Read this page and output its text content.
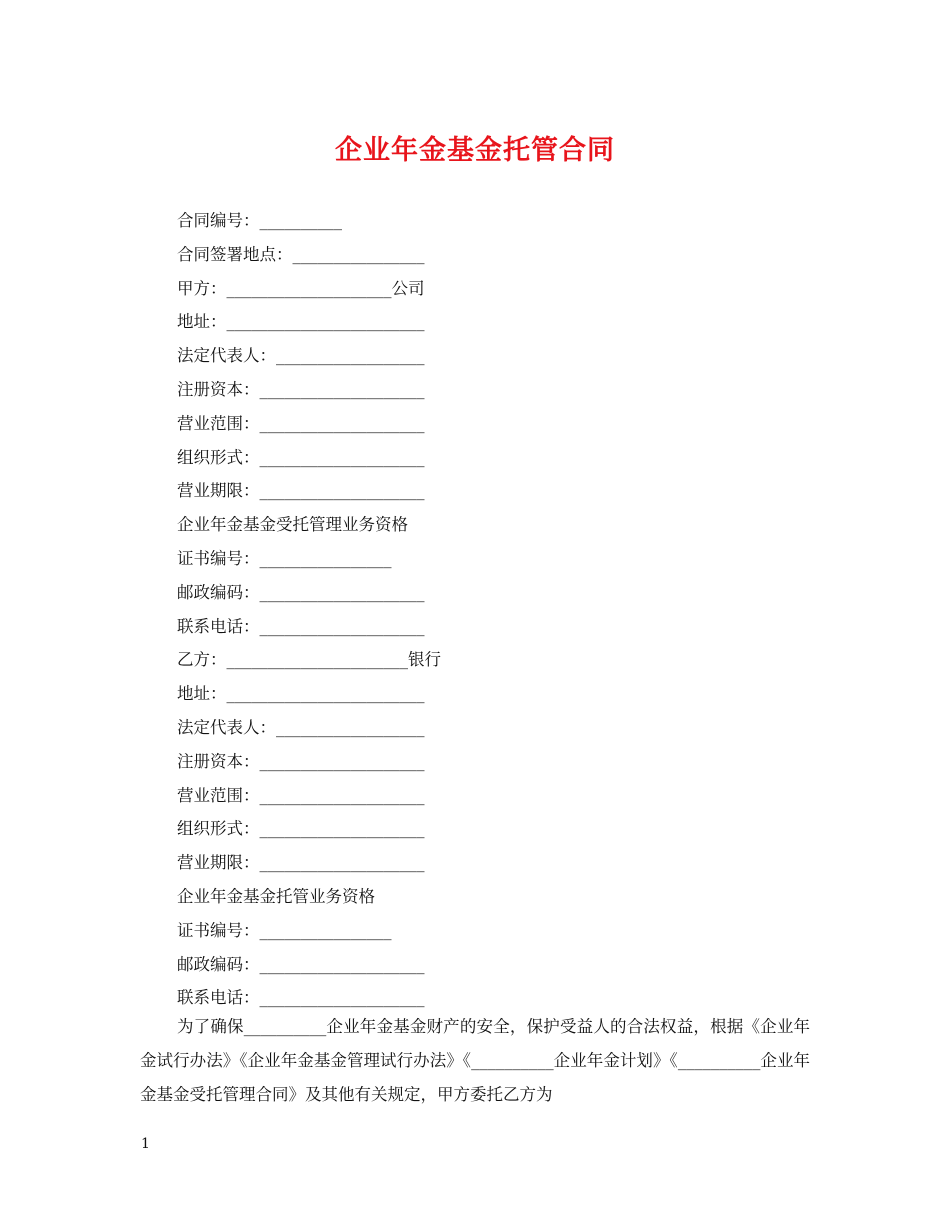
企业年金基金托管合同
合同编号：__________
合同签署地点：________________
甲方：____________________公司
地址：________________________
法定代表人：__________________
注册资本：____________________
营业范围：____________________
组织形式：____________________
营业期限：____________________
企业年金基金受托管理业务资格
证书编号：________________
邮政编码：____________________
联系电话：____________________
乙方：______________________银行
地址：________________________
法定代表人：__________________
注册资本：____________________
营业范围：____________________
组织形式：____________________
营业期限：____________________
企业年金基金托管业务资格
证书编号：________________
邮政编码：____________________
联系电话：____________________

为了确保__________企业年金基金财产的安全，保护受益人的合法权益，根据《企业年金试行办法》《企业年金基金管理试行办法》《__________企业年金计划》《__________企业年金基金受托管理合同》及其他有关规定，甲方委托乙方为

1
